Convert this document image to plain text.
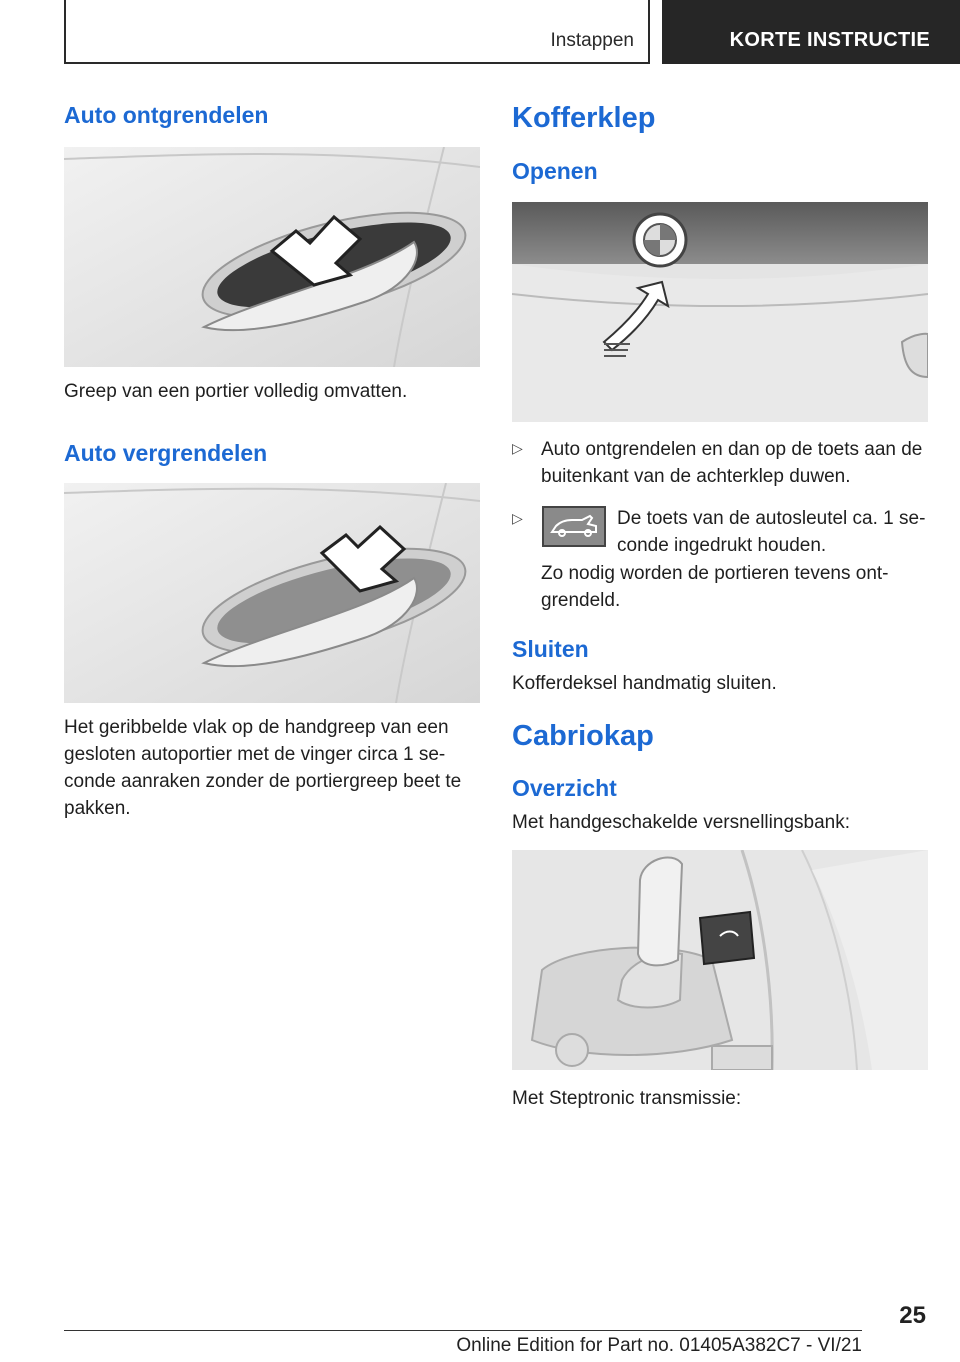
Instappen	KORTE INSTRUCTIE
Auto ontgrendelen
Greep van een portier volledig omvatten.
Auto vergrendelen
Het geribbelde vlak op de handgreep van een
gesloten autoportier met de vinger circa 1 se-
conde aanraken zonder de portiergreep beet te
pakken.
Kofferklep
Openen
▷ Auto ontgrendelen en dan op de toets aan de
buitenkant van de achterklep duwen.
▷	De toets van de autosleutel ca. 1 se-
conde ingedrukt houden.
Zo nodig worden de portieren tevens ont-
grendeld.
Sluiten
Kofferdeksel handmatig sluiten.
Cabriokap
Overzicht
Met handgeschakelde versnellingsbank:
Met Steptronic transmissie:
25
Online Edition for Part no. 01405A382C7 - VI/21
